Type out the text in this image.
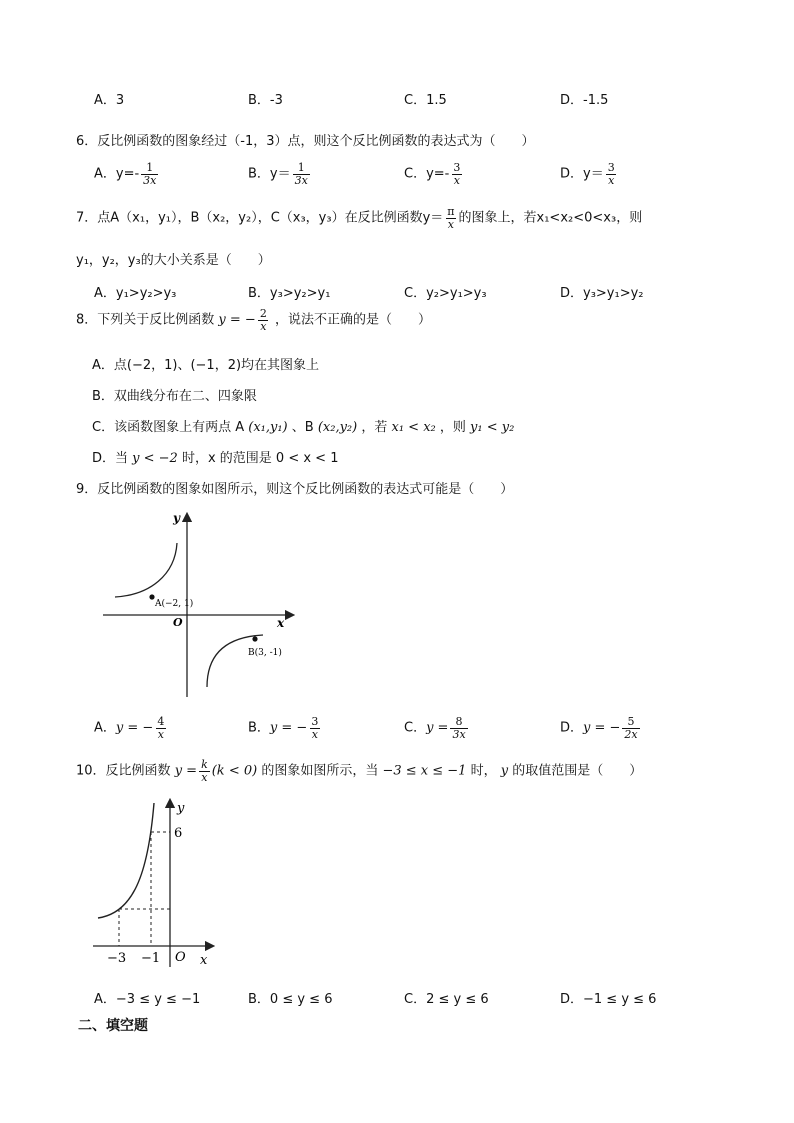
A．3	B．-3	C．1.5	D．-1.5
6．反比例函数的图象经过（-1，3）点，则这个反比例函数的表达式为（　　）
A．$y=- \frac{1}{3x}$	B．$y= \frac{1}{3x}$	C．$y=- \frac{3}{x}$	D．$y= \frac{3}{x}$
7．点A（x₁，y₁），B（x₂，y₂），C（x₃，y₃）在反比例函数$y= \frac{\pi}{x}$ 的图象上，若x₁<x₂<0<x₃，则
y₁，y₂，y₃的大小关系是（　　）
A．y₁>y₂>y₃	B．y₃>y₂>y₁	C．y₂>y₁>y₃	D．y₃>y₁>y₂
8．下列关于反比例函数 y = − $\frac{2}{x}$ ，说法不正确的是（　　）
A．点(−2，1)、(−1，2)均在其图象上
B．双曲线分布在二、四象限
C．该函数图象上有两点 A (x₁,y₁) 、B (x₂,y₂) ，若 x₁ < x₂ ，则 y₁ < y₂
D．当 y < −2 时，x 的范围是 0 < x < 1
9．反比例函数的图象如图所示，则这个反比例函数的表达式可能是（　　）
y
x
O
A(−2, 1)
B(3, -1)
A．y = − $\frac{4}{x}$	B．y = − $\frac{3}{x}$	C．$y = \frac{8}{3x}$	D．y = − $\frac{5}{2x}$
10．反比例函数 $y = \frac{k}{x} (k < 0)$ 的图象如图所示，当 −3 ≤ x ≤ −1 时， y 的取值范围是（　　）
y
6
x
O
−3 −1
A．−3 ≤ y ≤ −1	B．0 ≤ y ≤ 6	C．2 ≤ y ≤ 6	D．−1 ≤ y ≤ 6
二、填空题
